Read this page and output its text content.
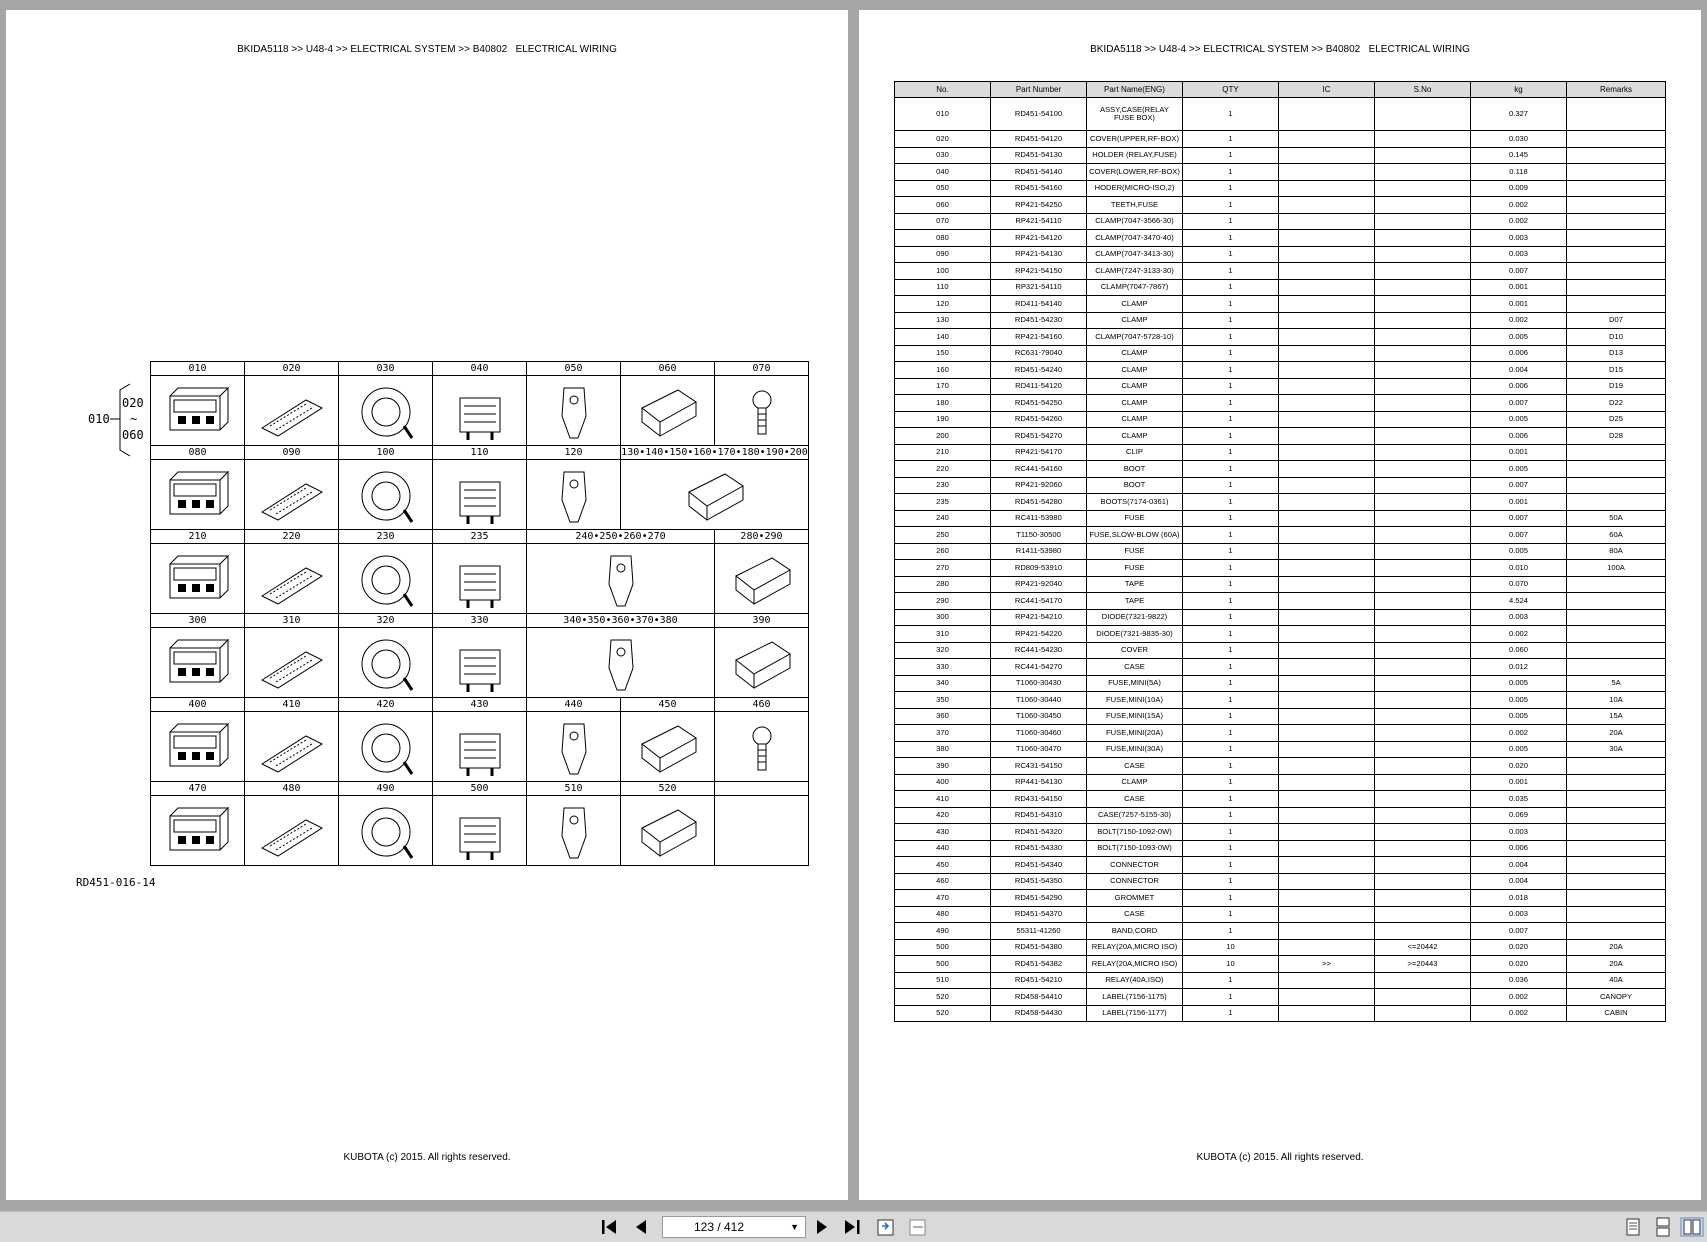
BKIDA5118 >> U48-4 >> ELECTRICAL SYSTEM >> B40802   ELECTRICAL WIRING
010
020
~
060
010	020	030	040	050	060	070

080	090	100	110	120	130•140•150•160•170•180•190•200	

210	220	230	235	240•250•260•270		280•290

300	310	320	330	340•350•360•370•380		390

400	410	420	430	440	450	460

470	480	490	500	510	520	

RD451-016-14
KUBOTA (c) 2015. All rights reserved.
BKIDA5118 >> U48-4 >> ELECTRICAL SYSTEM >> B40802   ELECTRICAL WIRING
No.	Part Number	Part Name(ENG)	QTY	IC	S.No	kg	Remarks
010	RD451-54100	ASSY,CASE(RELAY FUSE BOX)	1			0.327	
020	RD451-54120	COVER(UPPER,RF-BOX)	1			0.030	
030	RD451-54130	HOLDER (RELAY,FUSE)	1			0.145	
040	RD451-54140	COVER(LOWER,RF-BOX)	1			0.118	
050	RD451-54160	HODER(MICRO-ISO,2)	1			0.009	
060	RP421-54250	TEETH,FUSE	1			0.002	
070	RP421-54110	CLAMP(7047-3566-30)	1			0.002	
080	RP421-54120	CLAMP(7047-3470-40)	1			0.003	
090	RP421-54130	CLAMP(7047-3413-30)	1			0.003	
100	RP421-54150	CLAMP(7247-3133-30)	1			0.007	
110	RP321-54110	CLAMP(7047-7867)	1			0.001	
120	RD411-54140	CLAMP	1			0.001	
130	RD451-54230	CLAMP	1			0.002	D07
140	RP421-54160	CLAMP(7047-5728-10)	1			0.005	D10
150	RC631-79040	CLAMP	1			0.006	D13
160	RD451-54240	CLAMP	1			0.004	D15
170	RD411-54120	CLAMP	1			0.006	D19
180	RD451-54250	CLAMP	1			0.007	D22
190	RD451-54260	CLAMP	1			0.005	D25
200	RD451-54270	CLAMP	1			0.006	D28
210	RP421-54170	CLIP	1			0.001	
220	RC441-54160	BOOT	1			0.005	
230	RP421-92060	BOOT	1			0.007	
235	RD451-54280	BOOTS(7174-0361)	1			0.001	
240	RC411-53980	FUSE	1			0.007	50A
250	T1150-30500	FUSE,SLOW-BLOW (60A)	1			0.007	60A
260	R1411-53980	FUSE	1			0.005	80A
270	RD809-53910	FUSE	1			0.010	100A
280	RP421-92040	TAPE	1			0.070	
290	RC441-54170	TAPE	1			4.524	
300	RP421-54210	DIODE(7321-9822)	1			0.003	
310	RP421-54220	DIODE(7321-9835-30)	1			0.002	
320	RC441-54230	COVER	1			0.060	
330	RC441-54270	CASE	1			0.012	
340	T1060-30430	FUSE,MINI(5A)	1			0.005	5A
350	T1060-30440	FUSE,MINI(10A)	1			0.005	10A
360	T1060-30450	FUSE,MINI(15A)	1			0.005	15A
370	T1060-30460	FUSE,MINI(20A)	1			0.002	20A
380	T1060-30470	FUSE,MINI(30A)	1			0.005	30A
390	RC431-54150	CASE	1			0.020	
400	RP441-54130	CLAMP	1			0.001	
410	RD431-54150	CASE	1			0.035	
420	RD451-54310	CASE(7257-5155-30)	1			0.069	
430	RD451-54320	BOLT(7150-1092-0W)	1			0.003	
440	RD451-54330	BOLT(7150-1093-0W)	1			0.006	
450	RD451-54340	CONNECTOR	1			0.004	
460	RD451-54350	CONNECTOR	1			0.004	
470	RD451-54290	GROMMET	1			0.018	
480	RD451-54370	CASE	1			0.003	
490	55311-41260	BAND,CORD	1			0.007	
500	RD451-54380	RELAY(20A,MICRO ISO)	10		<=20442	0.020	20A
500	RD451-54382	RELAY(20A,MICRO ISO)	10	>>	>=20443	0.020	20A
510	RD451-54210	RELAY(40A,ISO)	1			0.036	40A
520	RD458-54410	LABEL(7156-1175)	1			0.002	CANOPY
520	RD458-54430	LABEL(7156-1177)	1			0.002	CABIN
KUBOTA (c) 2015. All rights reserved.
123 / 412
▼
